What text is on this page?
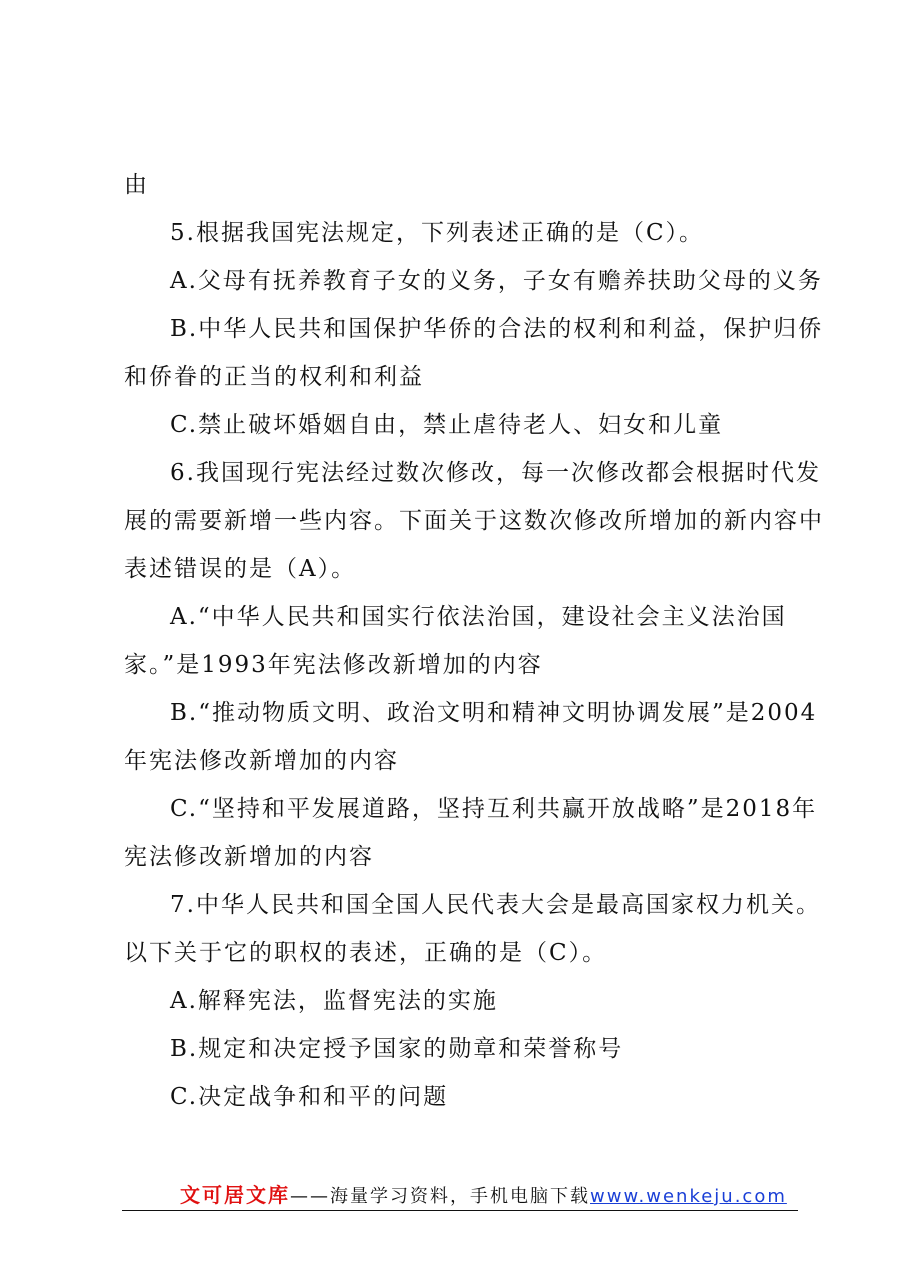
由
5.根据我国宪法规定，下列表述正确的是（C）。
A.父母有抚养教育子女的义务，子女有赡养扶助父母的义务
B.中华人民共和国保护华侨的合法的权利和利益，保护归侨
和侨眷的正当的权利和利益
C.禁止破坏婚姻自由，禁止虐待老人、妇女和儿童
6.我国现行宪法经过数次修改，每一次修改都会根据时代发
展的需要新增一些内容。下面关于这数次修改所增加的新内容中
表述错误的是（A）。
A.“中华人民共和国实行依法治国，建设社会主义法治国
家。”是1993年宪法修改新增加的内容
B.“推动物质文明、政治文明和精神文明协调发展”是2004
年宪法修改新增加的内容
C.“坚持和平发展道路，坚持互利共赢开放战略”是2018年
宪法修改新增加的内容
7.中华人民共和国全国人民代表大会是最高国家权力机关。
以下关于它的职权的表述，正确的是（C）。
A.解释宪法，监督宪法的实施
B.规定和决定授予国家的勋章和荣誉称号
C.决定战争和和平的问题
文可居文库——海量学习资料，手机电脑下载www.wenkeju.com
